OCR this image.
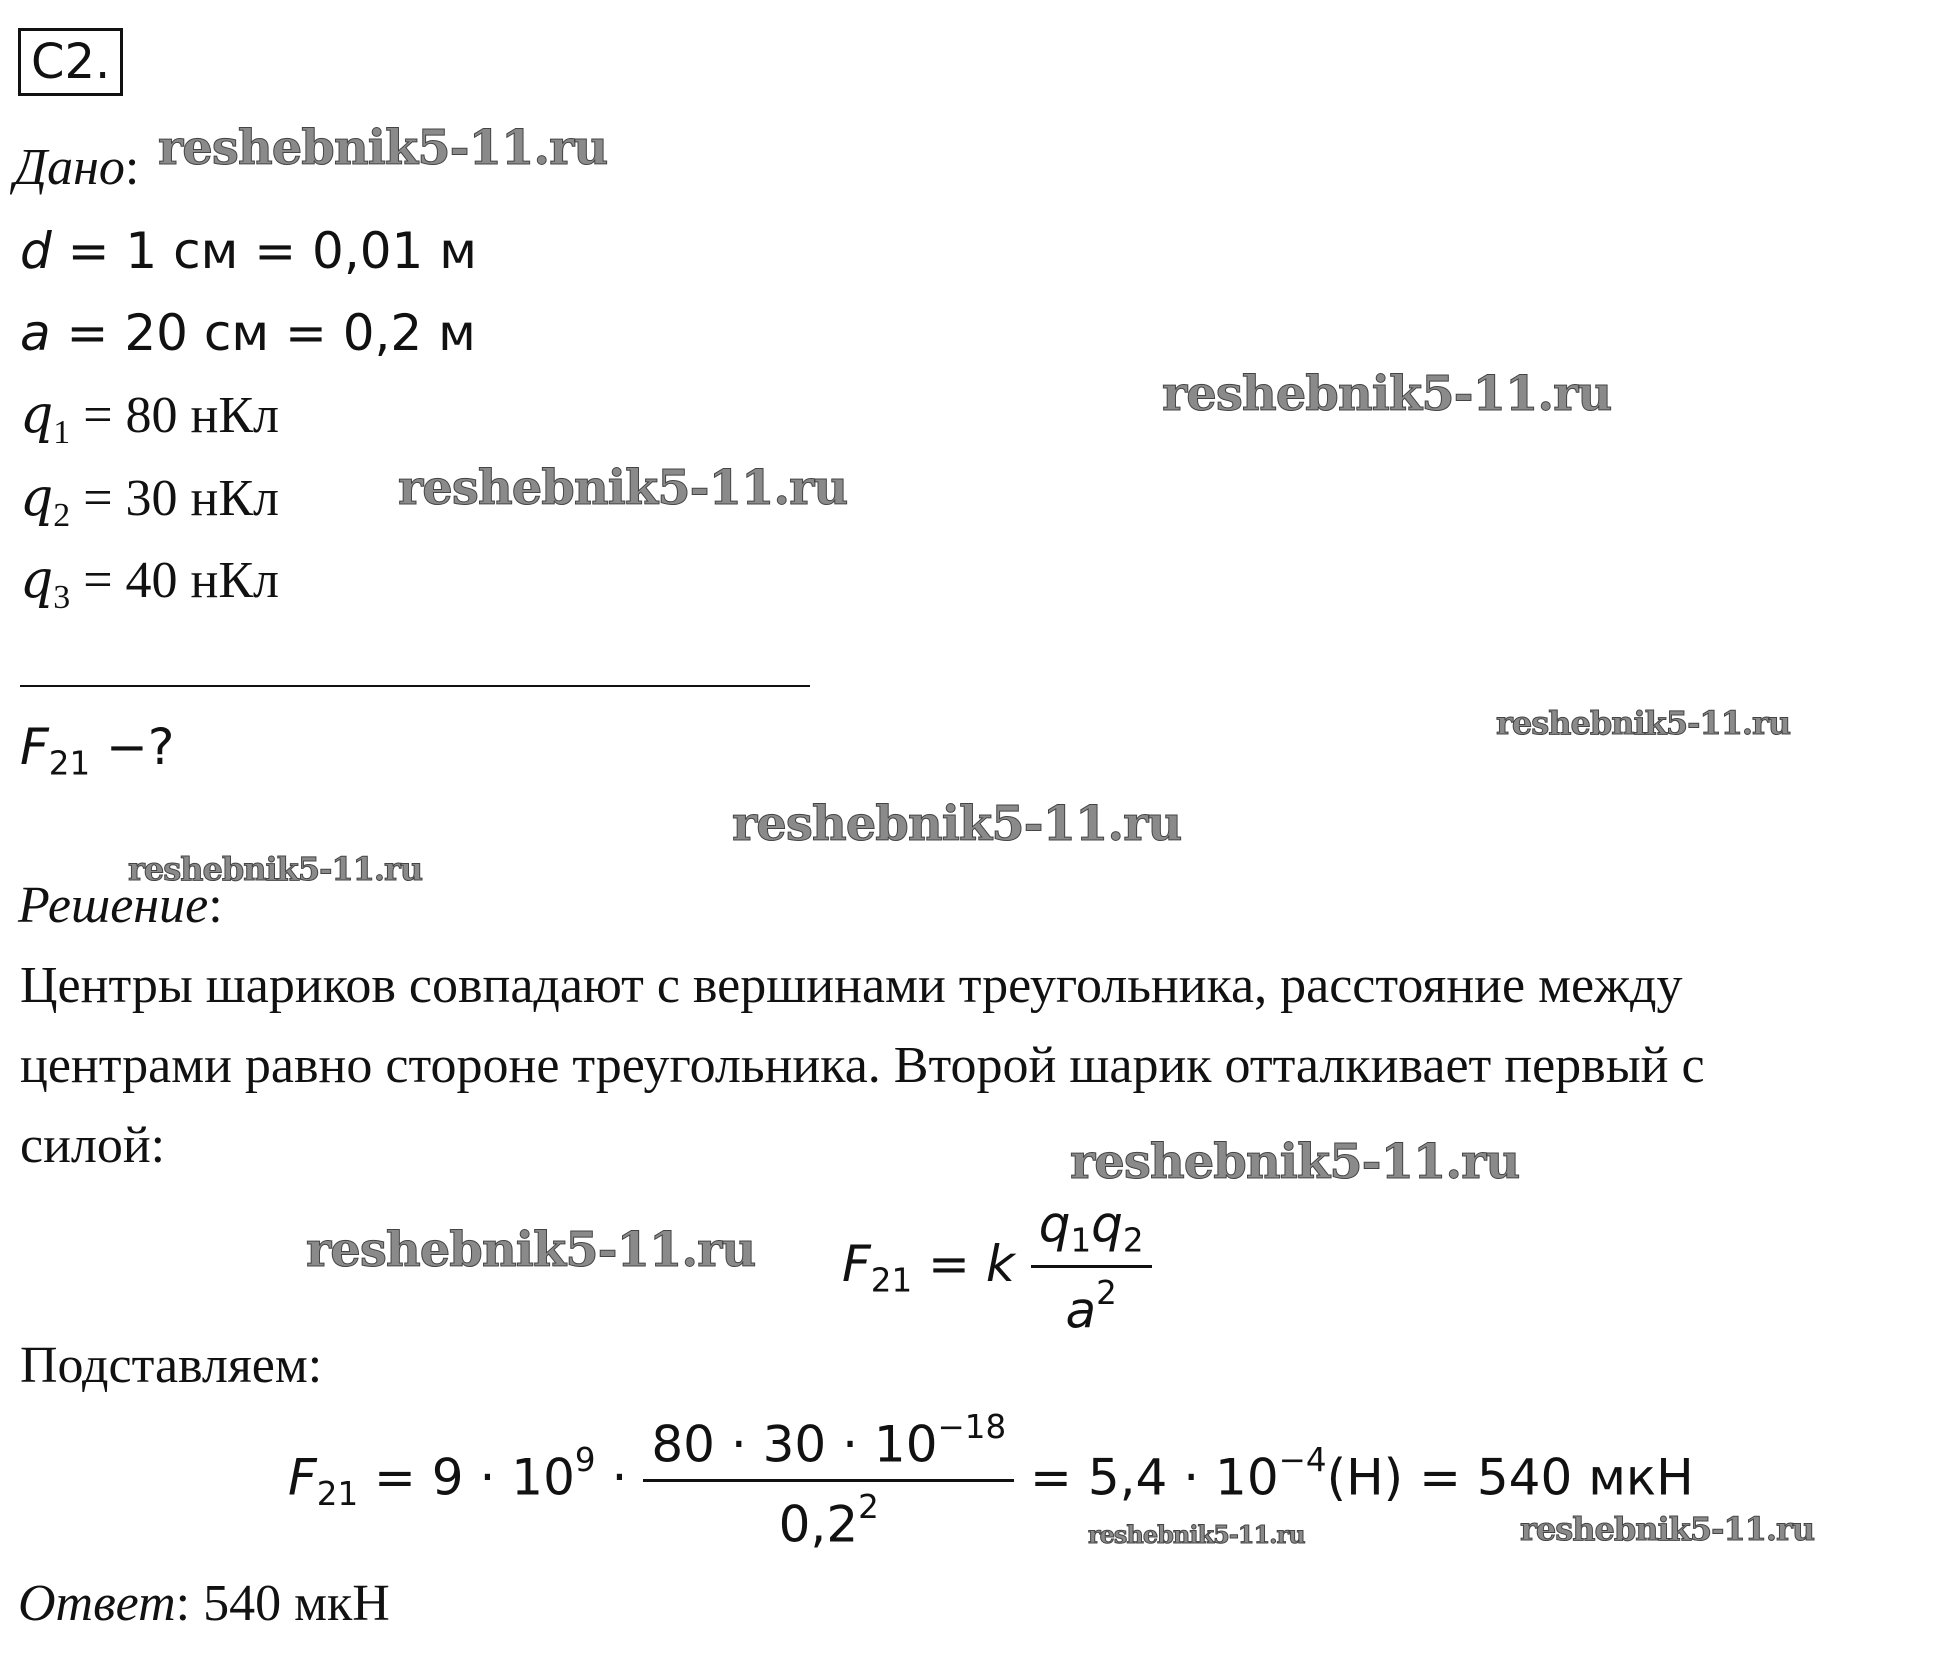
С2.
Дано:
d = 1 см = 0,01 м
a = 20 см = 0,2 м
$q_1 = 80$ нКл
$q_2 = 30$ нКл
$q_3 = 40$ нКл
$F_{21}$ −?
Решение:
Центры шариков совпадают с вершинами треугольника, расстояние между
центрами равно стороне треугольника. Второй шарик отталкивает первый с
силой:
$F_{21} = k \frac{q_1q_2}{a^2}$
Подставляем:
$F_{21} = 9 \cdot 10^9 \cdot \frac{80 \cdot 30 \cdot 10^{-18}}{0,2^2} = 5,4 \cdot 10^{-4}(Н) = 540$ мкН
Ответ: 540 мкН
reshebnik5-11.ru
reshebnik5-11.ru
reshebnik5-11.ru
reshebnik5-11.ru
reshebnik5-11.ru
reshebnik5-11.ru
reshebnik5-11.ru
reshebnik5-11.ru
reshebnik5-11.ru	reshebnik5-11.ru
